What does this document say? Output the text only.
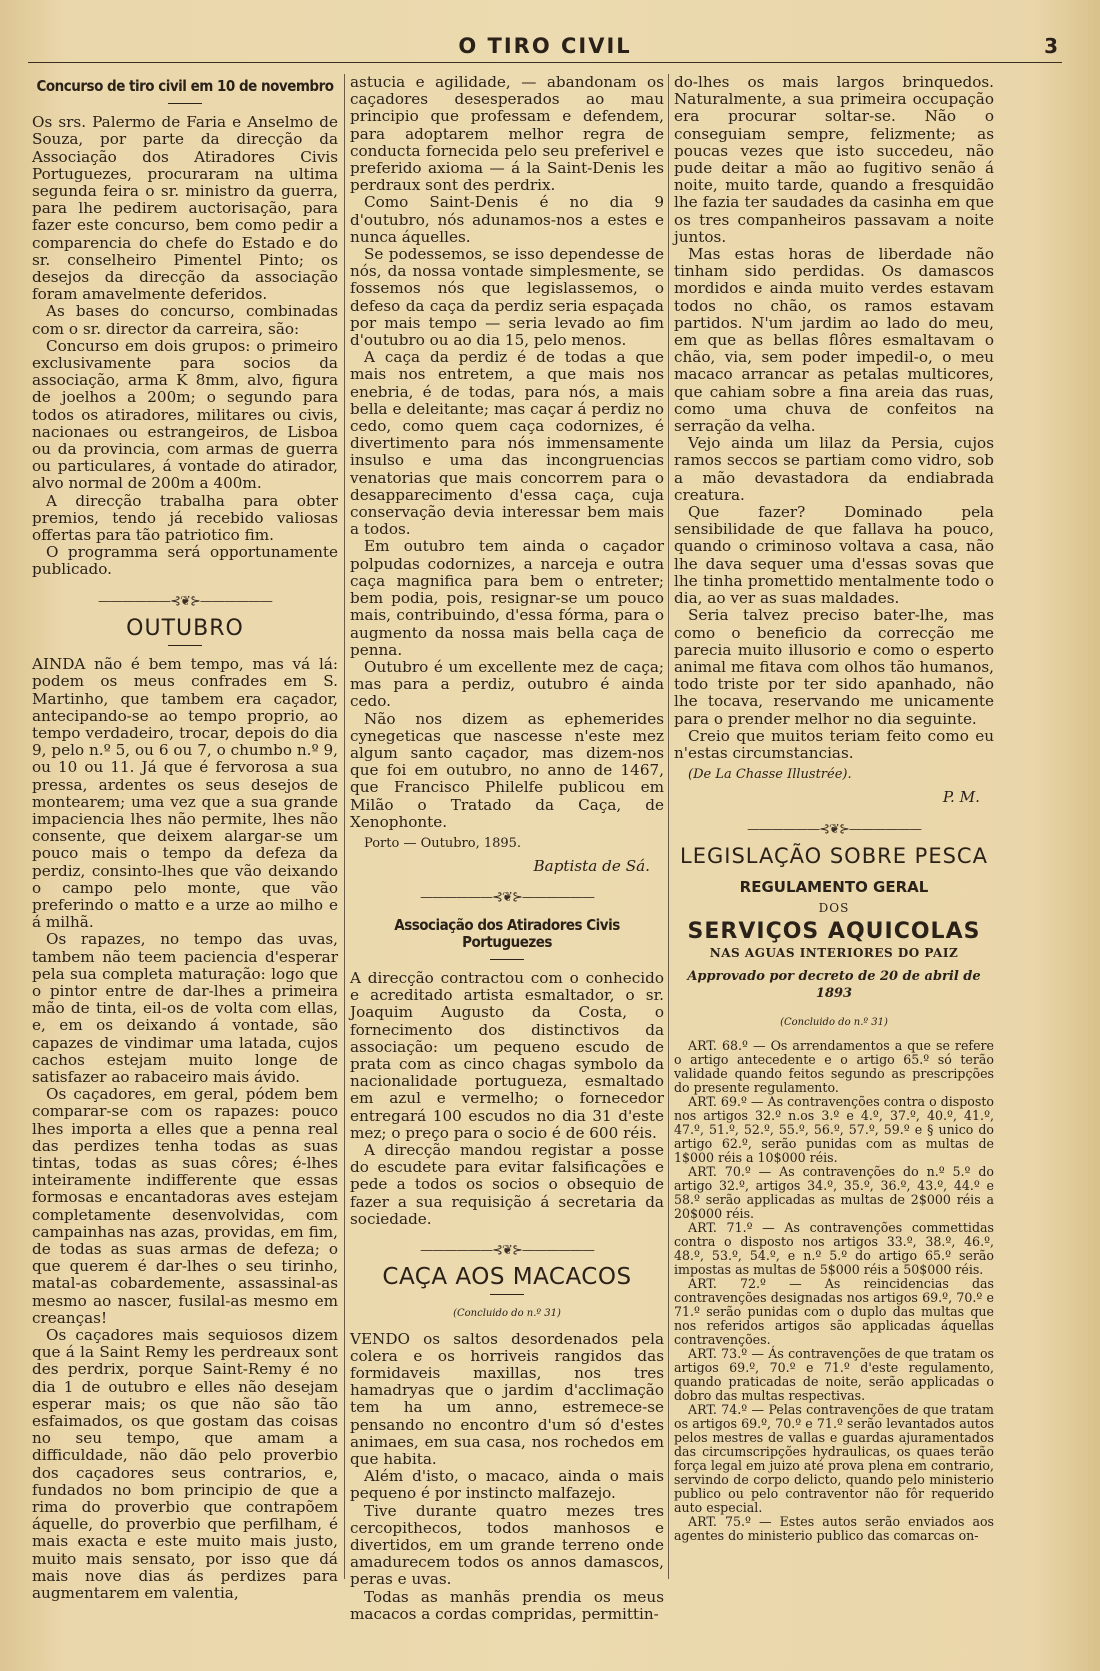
O TIRO CIVIL	3
Concurso de tiro civil em 10 de novembro

Os srs. Palermo de Faria e Anselmo de Souza, por parte da direcção da Associação dos Atiradores Civis Portuguezes, procuraram na ultima segunda feira o sr. ministro da guerra, para lhe pedirem auctorisação, para fazer este concurso, bem como pedir a comparencia do chefe do Estado e do sr. conselheiro Pimentel Pinto; os desejos da direcção da associação foram amavelmente deferidos.

As bases do concurso, combinadas com o sr. director da carreira, são:

Concurso em dois grupos: o primeiro exclusivamente para socios da associação, arma K 8mm, alvo, figura de joelhos a 200m; o segundo para todos os atiradores, militares ou civis, nacionaes ou estrangeiros, de Lisboa ou da provincia, com armas de guerra ou particulares, á vontade do atirador, alvo normal de 200m a 400m.

A direcção trabalha para obter premios, tendo já recebido valiosas offertas para tão patriotico fim.

O programma será opportunamente publicado.

——————⊰❦⊱——————
OUTUBRO

AINDA não é bem tempo, mas vá lá: podem os meus confrades em S. Martinho, que tambem era caçador, antecipando-se ao tempo proprio, ao tempo verdadeiro, trocar, depois do dia 9, pelo n.º 5, ou 6 ou 7, o chumbo n.º 9, ou 10 ou 11. Já que é fervorosa a sua pressa, ardentes os seus desejos de montearem; uma vez que a sua grande impaciencia lhes não permite, lhes não consente, que deixem alargar-se um pouco mais o tempo da defeza da perdiz, consinto-lhes que vão deixando o campo pelo monte, que vão preferindo o matto e a urze ao milho e á milhã.

Os rapazes, no tempo das uvas, tambem não teem paciencia d'esperar pela sua completa maturação: logo que o pintor entre de dar-lhes a primeira mão de tinta, eil-os de volta com ellas, e, em os deixando á vontade, são capazes de vindimar uma latada, cujos cachos estejam muito longe de satisfazer ao rabaceiro mais ávido.

Os caçadores, em geral, pódem bem comparar-se com os rapazes: pouco lhes importa a elles que a penna real das perdizes tenha todas as suas tintas, todas as suas côres; é-lhes inteiramente indifferente que essas formosas e encantadoras aves estejam completamente desenvolvidas, com campainhas nas azas, providas, em fim, de todas as suas armas de defeza; o que querem é dar-lhes o seu tirinho, matal-as cobardemente, assassinal-as mesmo ao nascer, fusilal-as mesmo em creanças!

Os caçadores mais sequiosos dizem que á la Saint Remy les perdreaux sont des perdrix, porque Saint-Remy é no dia 1 de outubro e elles não desejam esperar mais; os que não são tão esfaimados, os que gostam das coisas no seu tempo, que amam a difficuldade, não dão pelo proverbio dos caçadores seus contrarios, e, fundados no bom principio de que a rima do proverbio que contrapõem áquelle, do proverbio que perfilham, é mais exacta e este muito mais justo, muito mais sensato, por isso que dá mais nove dias ás perdizes para augmentarem em valentia,

astucia e agilidade, — abandonam os caçadores desesperados ao mau principio que professam e defendem, para adoptarem melhor regra de conducta fornecida pelo seu preferivel e preferido axioma — á la Saint-Denis les perdraux sont des perdrix.

Como Saint-Denis é no dia 9 d'outubro, nós adunamos-nos a estes e nunca áquelles.

Se podessemos, se isso dependesse de nós, da nossa vontade simplesmente, se fossemos nós que legislassemos, o defeso da caça da perdiz seria espaçada por mais tempo — seria levado ao fim d'outubro ou ao dia 15, pelo menos.

A caça da perdiz é de todas a que mais nos entretem, a que mais nos enebria, é de todas, para nós, a mais bella e deleitante; mas caçar á perdiz no cedo, como quem caça codornizes, é divertimento para nós immensamente insulso e uma das incongruencias venatorias que mais concorrem para o desapparecimento d'essa caça, cuja conservação devia interessar bem mais a todos.

Em outubro tem ainda o caçador polpudas codornizes, a narceja e outra caça magnifica para bem o entreter; bem podia, pois, resignar-se um pouco mais, contribuindo, d'essa fórma, para o augmento da nossa mais bella caça de penna.

Outubro é um excellente mez de caça; mas para a perdiz, outubro é ainda cedo.

Não nos dizem as ephemerides cynegeticas que nascesse n'este mez algum santo caçador, mas dizem-nos que foi em outubro, no anno de 1467, que Francisco Philelfe publicou em Milão o Tratado da Caça, de Xenophonte.

Porto — Outubro, 1895.

Baptista de Sá.
——————⊰❦⊱——————
Associação dos Atiradores Civis Portuguezes

A direcção contractou com o conhecido e acreditado artista esmaltador, o sr. Joaquim Augusto da Costa, o fornecimento dos distinctivos da associação: um pequeno escudo de prata com as cinco chagas symbolo da nacionalidade portugueza, esmaltado em azul e vermelho; o fornecedor entregará 100 escudos no dia 31 d'este mez; o preço para o socio é de 600 réis.

A direcção mandou registar a posse do escudete para evitar falsificações e pede a todos os socios o obsequio de fazer a sua requisição á secretaria da sociedade.

——————⊰❦⊱——————
CAÇA AOS MACACOS
(Concluido do n.º 31)

VENDO os saltos desordenados pela colera e os horriveis rangidos das formidaveis maxillas, nos tres hamadryas que o jardim d'acclimação tem ha um anno, estremece-se pensando no encontro d'um só d'estes animaes, em sua casa, nos rochedos em que habita.

Além d'isto, o macaco, ainda o mais pequeno é por instincto malfazejo.

Tive durante quatro mezes tres cercopithecos, todos manhosos e divertidos, em um grande terreno onde amadurecem todos os annos damascos, peras e uvas.

Todas as manhãs prendia os meus macacos a cordas compridas, permittin-

do-lhes os mais largos brinquedos. Naturalmente, a sua primeira occupação era procurar soltar-se. Não o conseguiam sempre, felizmente; as poucas vezes que isto succedeu, não pude deitar a mão ao fugitivo senão á noite, muito tarde, quando a fresquidão lhe fazia ter saudades da casinha em que os tres companheiros passavam a noite juntos.

Mas estas horas de liberdade não tinham sido perdidas. Os damascos mordidos e ainda muito verdes estavam todos no chão, os ramos estavam partidos. N'um jardim ao lado do meu, em que as bellas flôres esmaltavam o chão, via, sem poder impedil-o, o meu macaco arrancar as petalas multicores, que cahiam sobre a fina areia das ruas, como uma chuva de confeitos na serração da velha.

Vejo ainda um lilaz da Persia, cujos ramos seccos se partiam como vidro, sob a mão devastadora da endiabrada creatura.

Que fazer? Dominado pela sensibilidade de que fallava ha pouco, quando o criminoso voltava a casa, não lhe dava sequer uma d'essas sovas que lhe tinha promettido mentalmente todo o dia, ao ver as suas maldades.

Seria talvez preciso bater-lhe, mas como o beneficio da correcção me parecia muito illusorio e como o esperto animal me fitava com olhos tão humanos, todo triste por ter sido apanhado, não lhe tocava, reservando me unicamente para o prender melhor no dia seguinte.

Creio que muitos teriam feito como eu n'estas circumstancias.

(De La Chasse Illustrée).

P. M.
——————⊰❦⊱——————
LEGISLAÇÃO SOBRE PESCA
REGULAMENTO GERAL
DOS
SERVIÇOS AQUICOLAS
NAS AGUAS INTERIORES DO PAIZ
Approvado por decreto de 20 de abril de 1893
(Concluido do n.º 31)

ART. 68.º — Os arrendamentos a que se refere o artigo antecedente e o artigo 65.º só terão validade quando feitos segundo as prescripções do presente regulamento.

ART. 69.º — As contravenções contra o disposto nos artigos 32.º n.os 3.º e 4.º, 37.º, 40.º, 41.º, 47.º, 51.º, 52.º, 55.º, 56.º, 57.º, 59.º e § unico do artigo 62.º, serão punidas com as multas de 1$000 réis a 10$000 réis.

ART. 70.º — As contravenções do n.º 5.º do artigo 32.º, artigos 34.º, 35.º, 36.º, 43.º, 44.º e 58.º serão applicadas as multas de 2$000 réis a 20$000 réis.

ART. 71.º — As contravenções commettidas contra o disposto nos artigos 33.º, 38.º, 46.º, 48.º, 53.º, 54.º, e n.º 5.º do artigo 65.º serão impostas as multas de 5$000 réis a 50$000 réis.

ART. 72.º — As reincidencias das contravenções designadas nos artigos 69.º, 70.º e 71.º serão punidas com o duplo das multas que nos referidos artigos são applicadas áquellas contravenções.

ART. 73.º — Ás contravenções de que tratam os artigos 69.º, 70.º e 71.º d'este regulamento, quando praticadas de noite, serão applicadas o dobro das multas respectivas.

ART. 74.º — Pelas contravenções de que tratam os artigos 69.º, 70.º e 71.º serão levantados autos pelos mestres de vallas e guardas ajuramentados das circumscripções hydraulicas, os quaes terão força legal em juizo até prova plena em contrario, servindo de corpo delicto, quando pelo ministerio publico ou pelo contraventor não fôr requerido auto especial.

ART. 75.º — Estes autos serão enviados aos agentes do ministerio publico das comarcas on-
